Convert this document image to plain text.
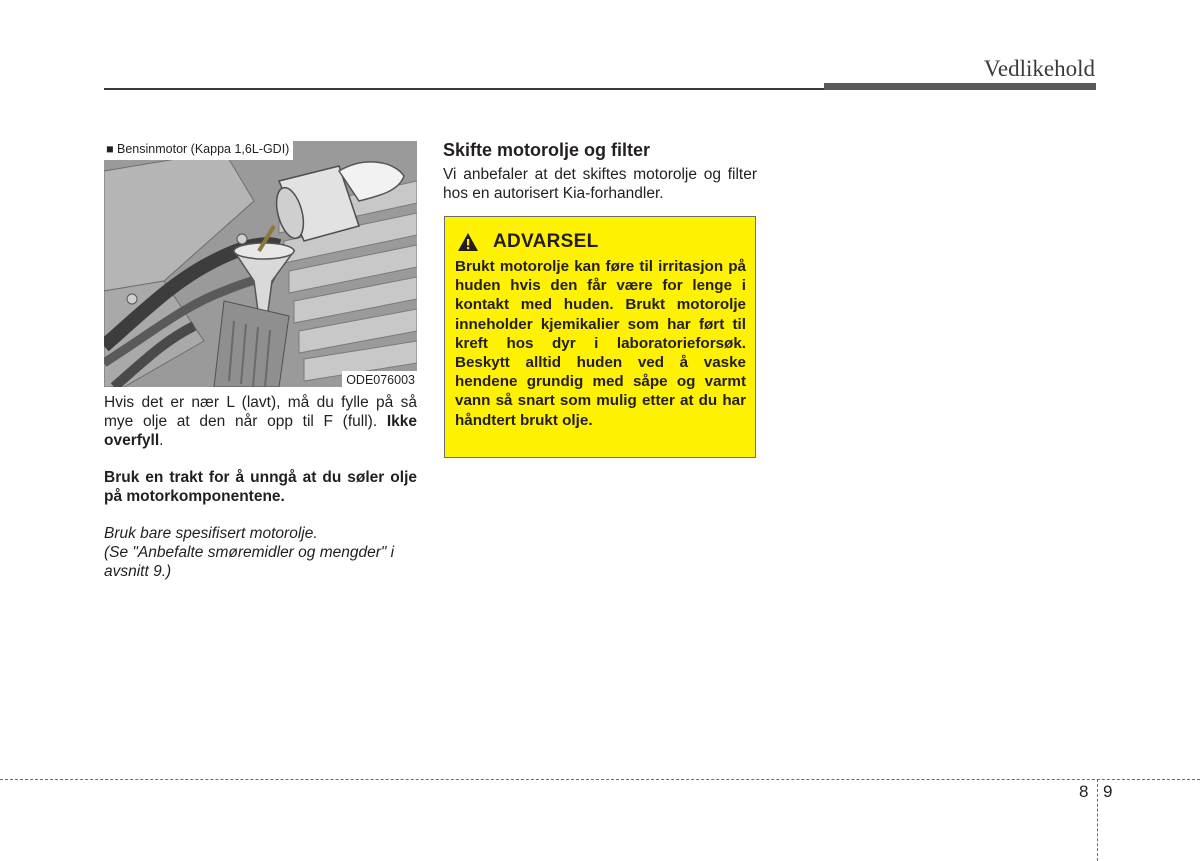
Vedlikehold
■ Bensinmotor (Kappa 1,6L-GDI)
ODE076003

Hvis det er nær L (lavt), må du fylle på så mye olje at den når opp til F (full). Ikke overfyll.

Bruk en trakt for å unngå at du søler olje på motorkomponentene.

Bruk bare spesifisert motorolje.

(Se "Anbefalte smøremidler og mengder" i avsnitt 9.)

Skifte motorolje og filter

Vi anbefaler at det skiftes motorolje og filter hos en autorisert Kia-forhandler.

ADVARSEL
Brukt motorolje kan føre til irritasjon på huden hvis den får være for lenge i kontakt med huden. Brukt motorolje inneholder kjemikalier som har ført til kreft hos dyr i laboratorieforsøk. Beskytt alltid huden ved å vaske hendene grundig med såpe og varmt vann så snart som mulig etter at du har håndtert brukt olje.
8 9
